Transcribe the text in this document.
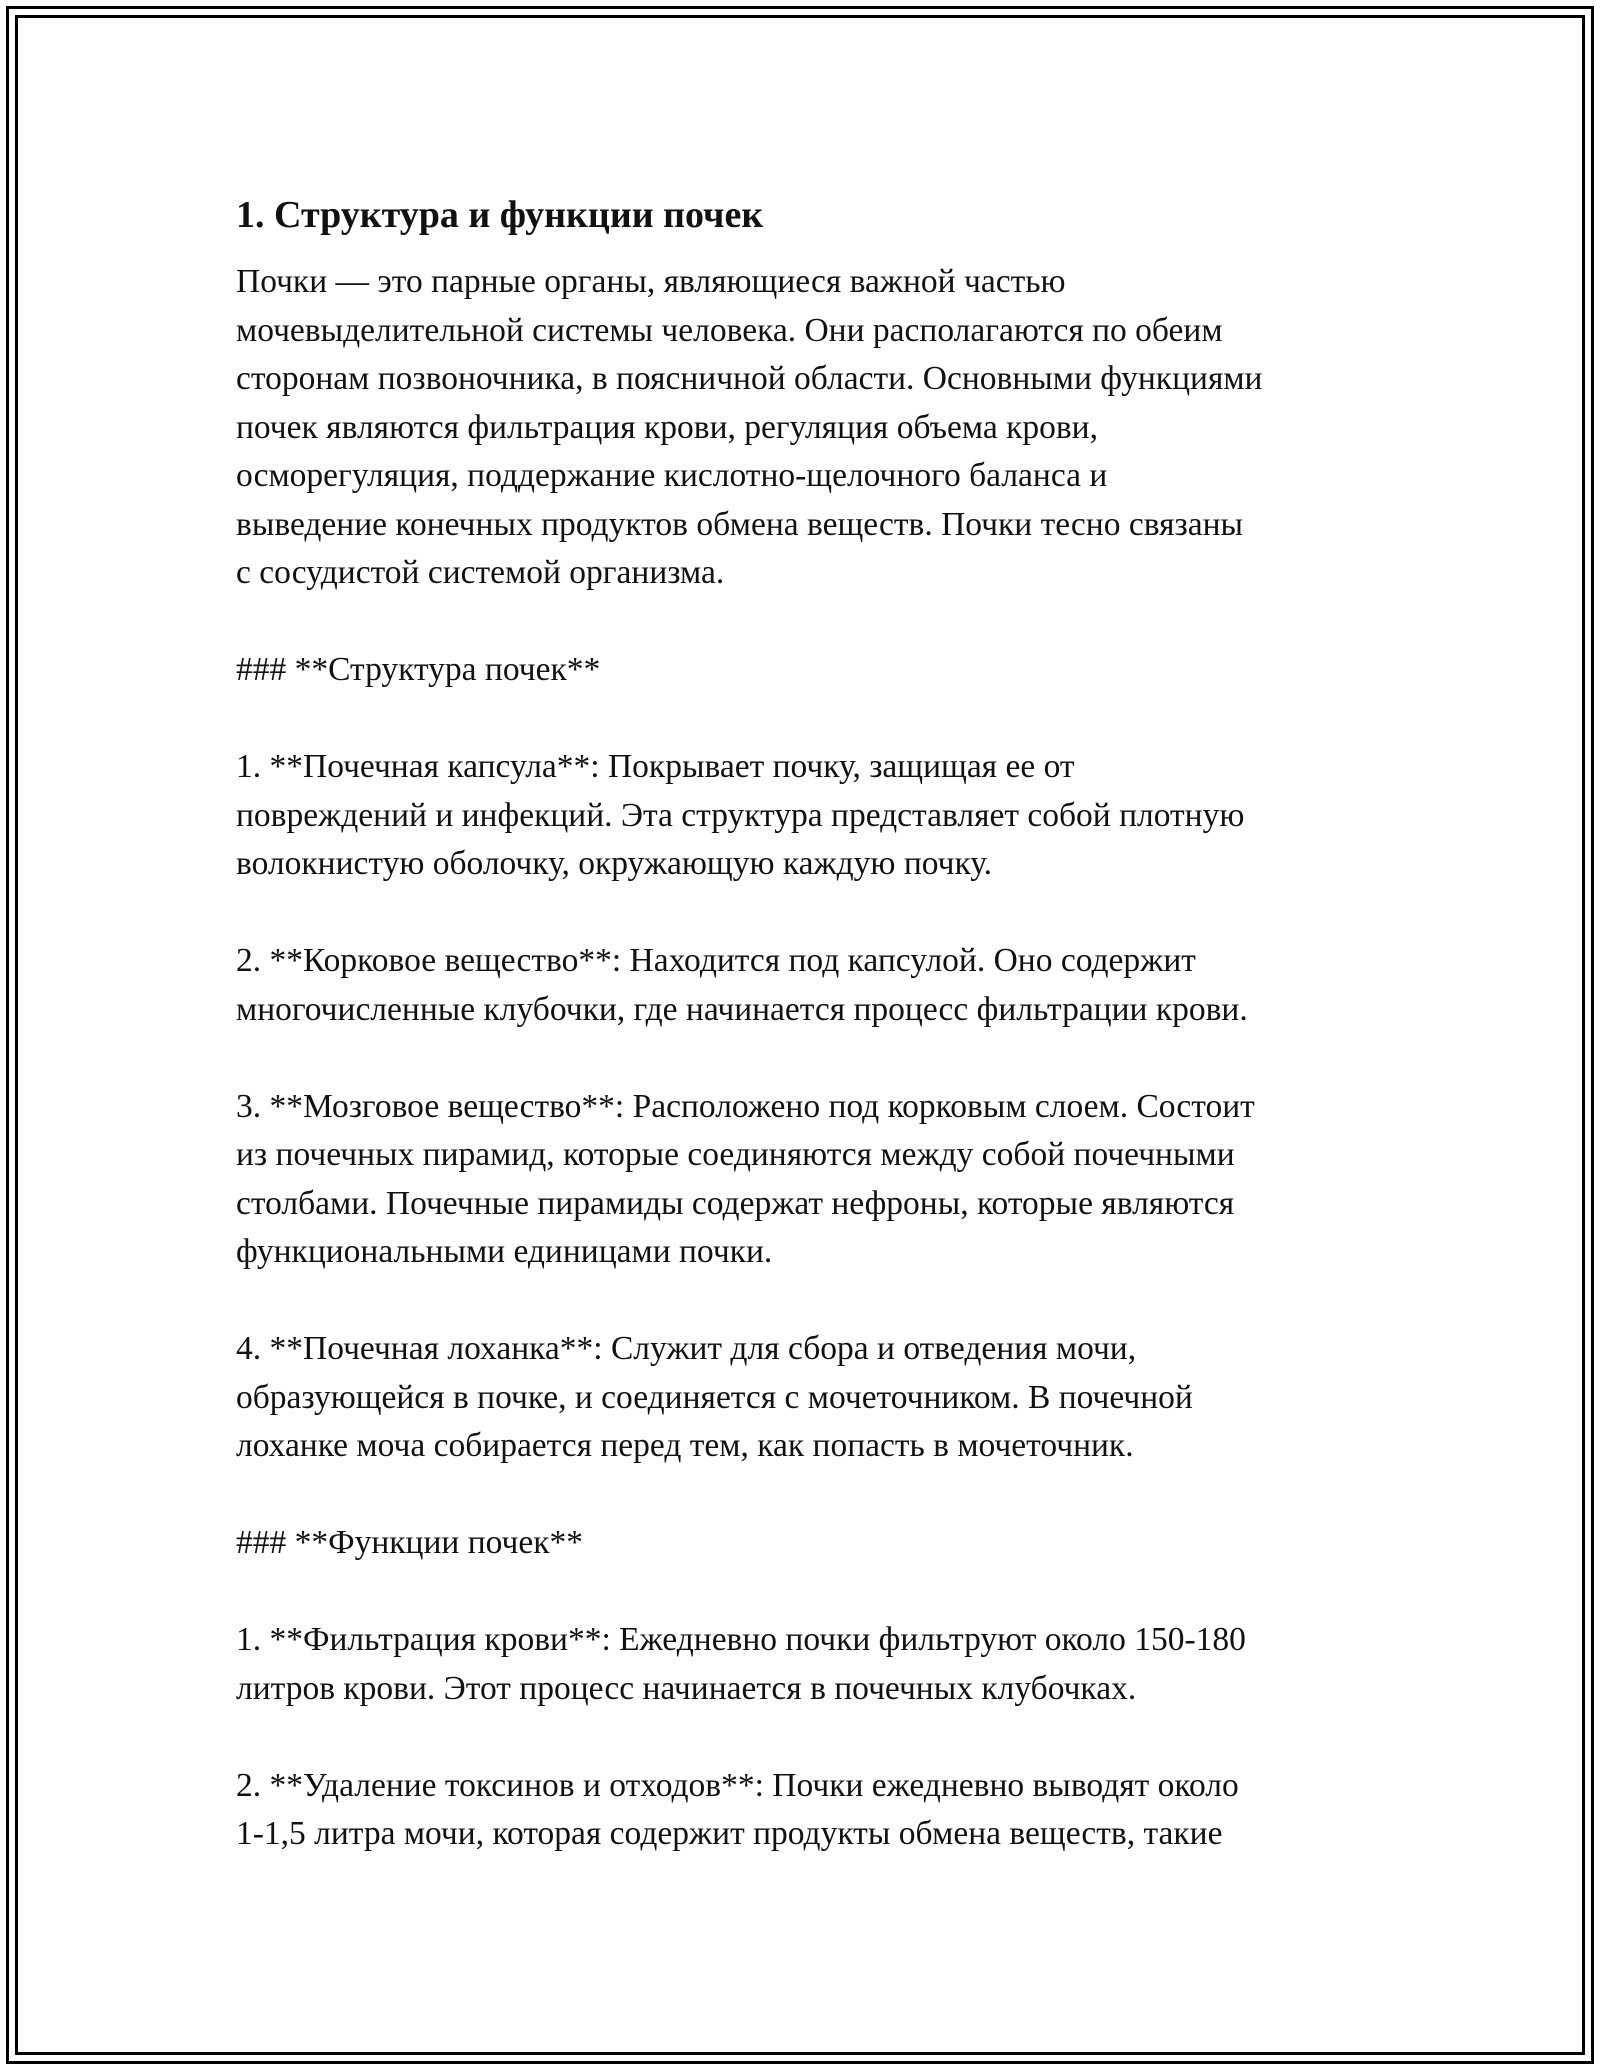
1. Структура и функции почек
Почки — это парные органы, являющиеся важной частью
мочевыделительной системы человека. Они располагаются по обеим
сторонам позвоночника, в поясничной области. Основными функциями
почек являются фильтрация крови, регуляция объема крови,
осморегуляция, поддержание кислотно-щелочного баланса и
выведение конечных продуктов обмена веществ. Почки тесно связаны
с сосудистой системой организма.
### **Структура почек**
1. **Почечная капсула**: Покрывает почку, защищая ее от
повреждений и инфекций. Эта структура представляет собой плотную
волокнистую оболочку, окружающую каждую почку.
2. **Корковое вещество**: Находится под капсулой. Оно содержит
многочисленные клубочки, где начинается процесс фильтрации крови.
3. **Мозговое вещество**: Расположено под корковым слоем. Состоит
из почечных пирамид, которые соединяются между собой почечными
столбами. Почечные пирамиды содержат нефроны, которые являются
функциональными единицами почки.
4. **Почечная лоханка**: Служит для сбора и отведения мочи,
образующейся в почке, и соединяется с мочеточником. В почечной
лоханке моча собирается перед тем, как попасть в мочеточник.
### **Функции почек**
1. **Фильтрация крови**: Ежедневно почки фильтруют около 150-180
литров крови. Этот процесс начинается в почечных клубочках.
2. **Удаление токсинов и отходов**: Почки ежедневно выводят около
1-1,5 литра мочи, которая содержит продукты обмена веществ, такие
